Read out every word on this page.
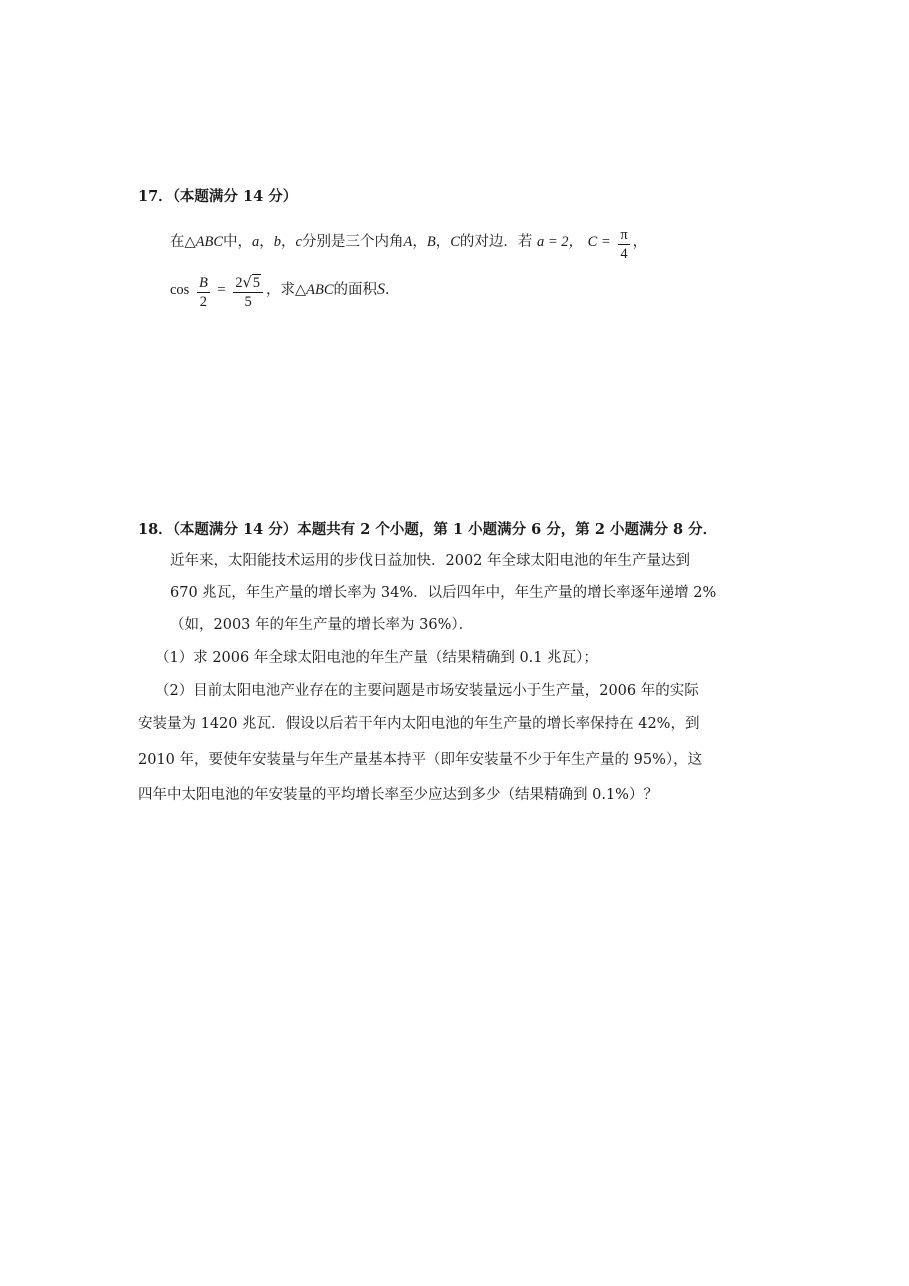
17．（本题满分 14 分）
在△ABC中，a，b，c分别是三个内角A，B，C的对边．若 a = 2， $C = \frac{\pi}{4}$ ，
$\cos \frac{B}{2} = \frac{2√5}{5}$ ，求△ABC的面积S．
18．（本题满分 14 分）本题共有 2 个小题，第 1 小题满分 6 分，第 2 小题满分 8 分．
近年来，太阳能技术运用的步伐日益加快．2002 年全球太阳电池的年生产量达到
670 兆瓦，年生产量的增长率为 34%．以后四年中，年生产量的增长率逐年递增 2%
（如，2003 年的年生产量的增长率为 36%）．
（1）求 2006 年全球太阳电池的年生产量（结果精确到 0.1 兆瓦）；
（2）目前太阳电池产业存在的主要问题是市场安装量远小于生产量，2006 年的实际
安装量为 1420 兆瓦．假设以后若干年内太阳电池的年生产量的增长率保持在 42%，到
2010 年，要使年安装量与年生产量基本持平（即年安装量不少于年生产量的 95%），这
四年中太阳电池的年安装量的平均增长率至少应达到多少（结果精确到 0.1%）？
